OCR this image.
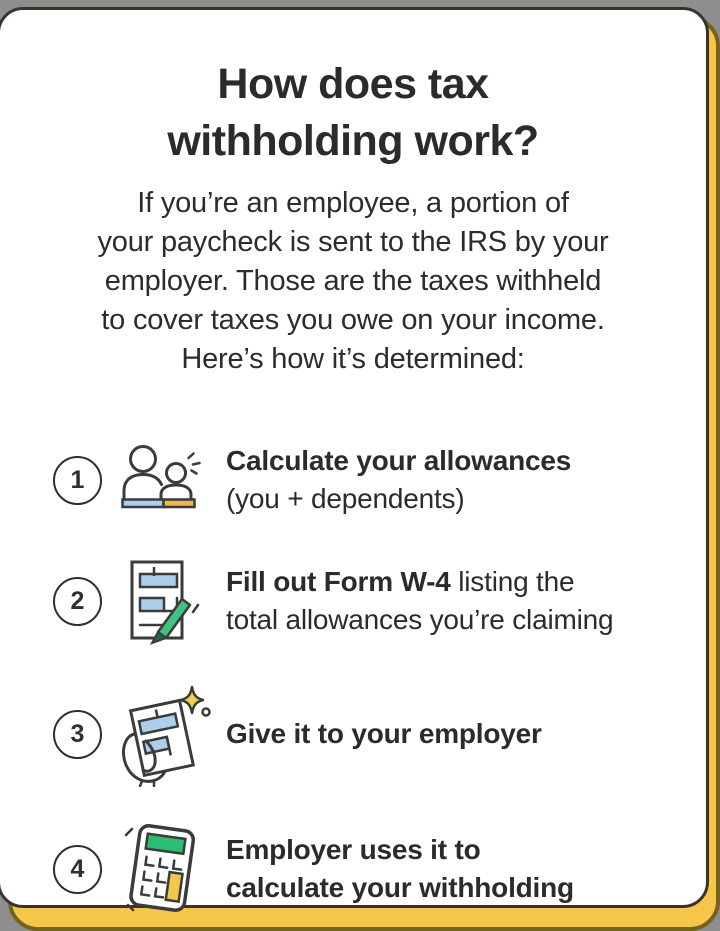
How does tax
withholding work?
If you’re an employee, a portion of
your paycheck is sent to the IRS by your
employer. Those are the taxes withheld
to cover taxes you owe on your income.
Here’s how it’s determined:
1
Calculate your allowances
(you + dependents)
2
Fill out Form W-4 listing the
total allowances you’re claiming
3	Give it to your employer
4
Employer uses it to
calculate your withholding
